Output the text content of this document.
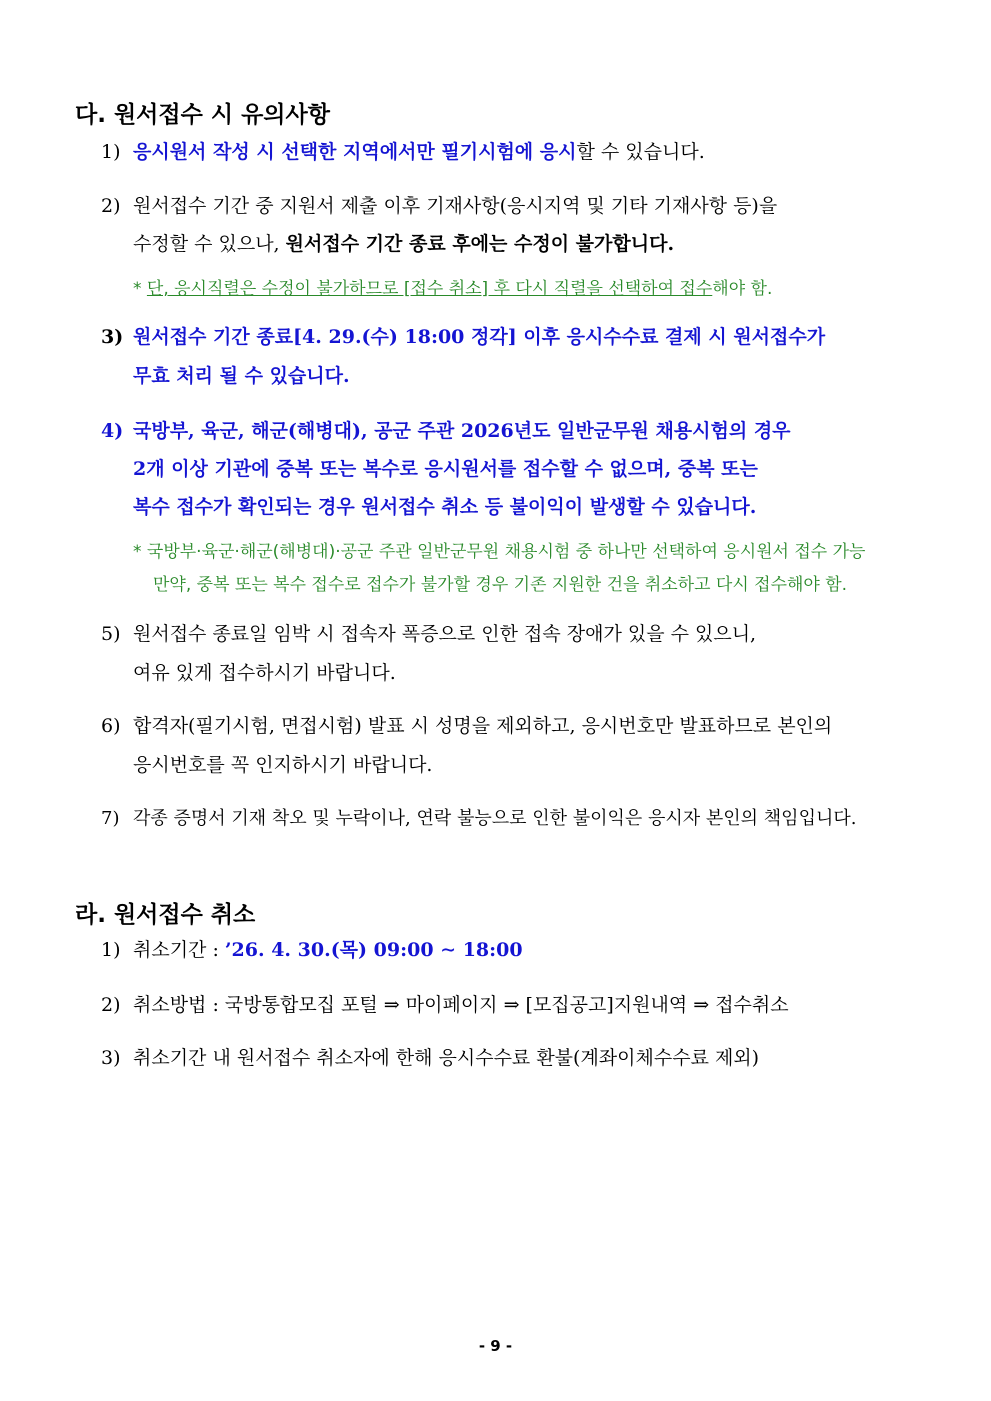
다. 원서접수 시 유의사항
1) 응시원서 작성 시 선택한 지역에서만 필기시험에 응시할 수 있습니다.
2) 원서접수 기간 중 지원서 제출 이후 기재사항(응시지역 및 기타 기재사항 등)을
수정할 수 있으나, 원서접수 기간 종료 후에는 수정이 불가합니다.
* 단, 응시직렬은 수정이 불가하므로 [접수 취소] 후 다시 직렬을 선택하여 접수해야 함.
3) 원서접수 기간 종료[4. 29.(수) 18:00 정각] 이후 응시수수료 결제 시 원서접수가
무효 처리 될 수 있습니다.
4) 국방부, 육군, 해군(해병대), 공군 주관 2026년도 일반군무원 채용시험의 경우
2개 이상 기관에 중복 또는 복수로 응시원서를 접수할 수 없으며, 중복 또는
복수 접수가 확인되는 경우 원서접수 취소 등 불이익이 발생할 수 있습니다.
* 국방부·육군·해군(해병대)·공군 주관 일반군무원 채용시험 중 하나만 선택하여 응시원서 접수 가능
만약, 중복 또는 복수 접수로 접수가 불가할 경우 기존 지원한 건을 취소하고 다시 접수해야 함.
5) 원서접수 종료일 임박 시 접속자 폭증으로 인한 접속 장애가 있을 수 있으니,
여유 있게 접수하시기 바랍니다.
6) 합격자(필기시험, 면접시험) 발표 시 성명을 제외하고, 응시번호만 발표하므로 본인의
응시번호를 꼭 인지하시기 바랍니다.
7) 각종 증명서 기재 착오 및 누락이나, 연락 불능으로 인한 불이익은 응시자 본인의 책임입니다.
라. 원서접수 취소
1) 취소기간 : ’26. 4. 30.(목) 09:00 ∼ 18:00
2) 취소방법 : 국방통합모집 포털 ⇒ 마이페이지 ⇒ [모집공고]지원내역 ⇒ 접수취소
3) 취소기간 내 원서접수 취소자에 한해 응시수수료 환불(계좌이체수수료 제외)
- 9 -
